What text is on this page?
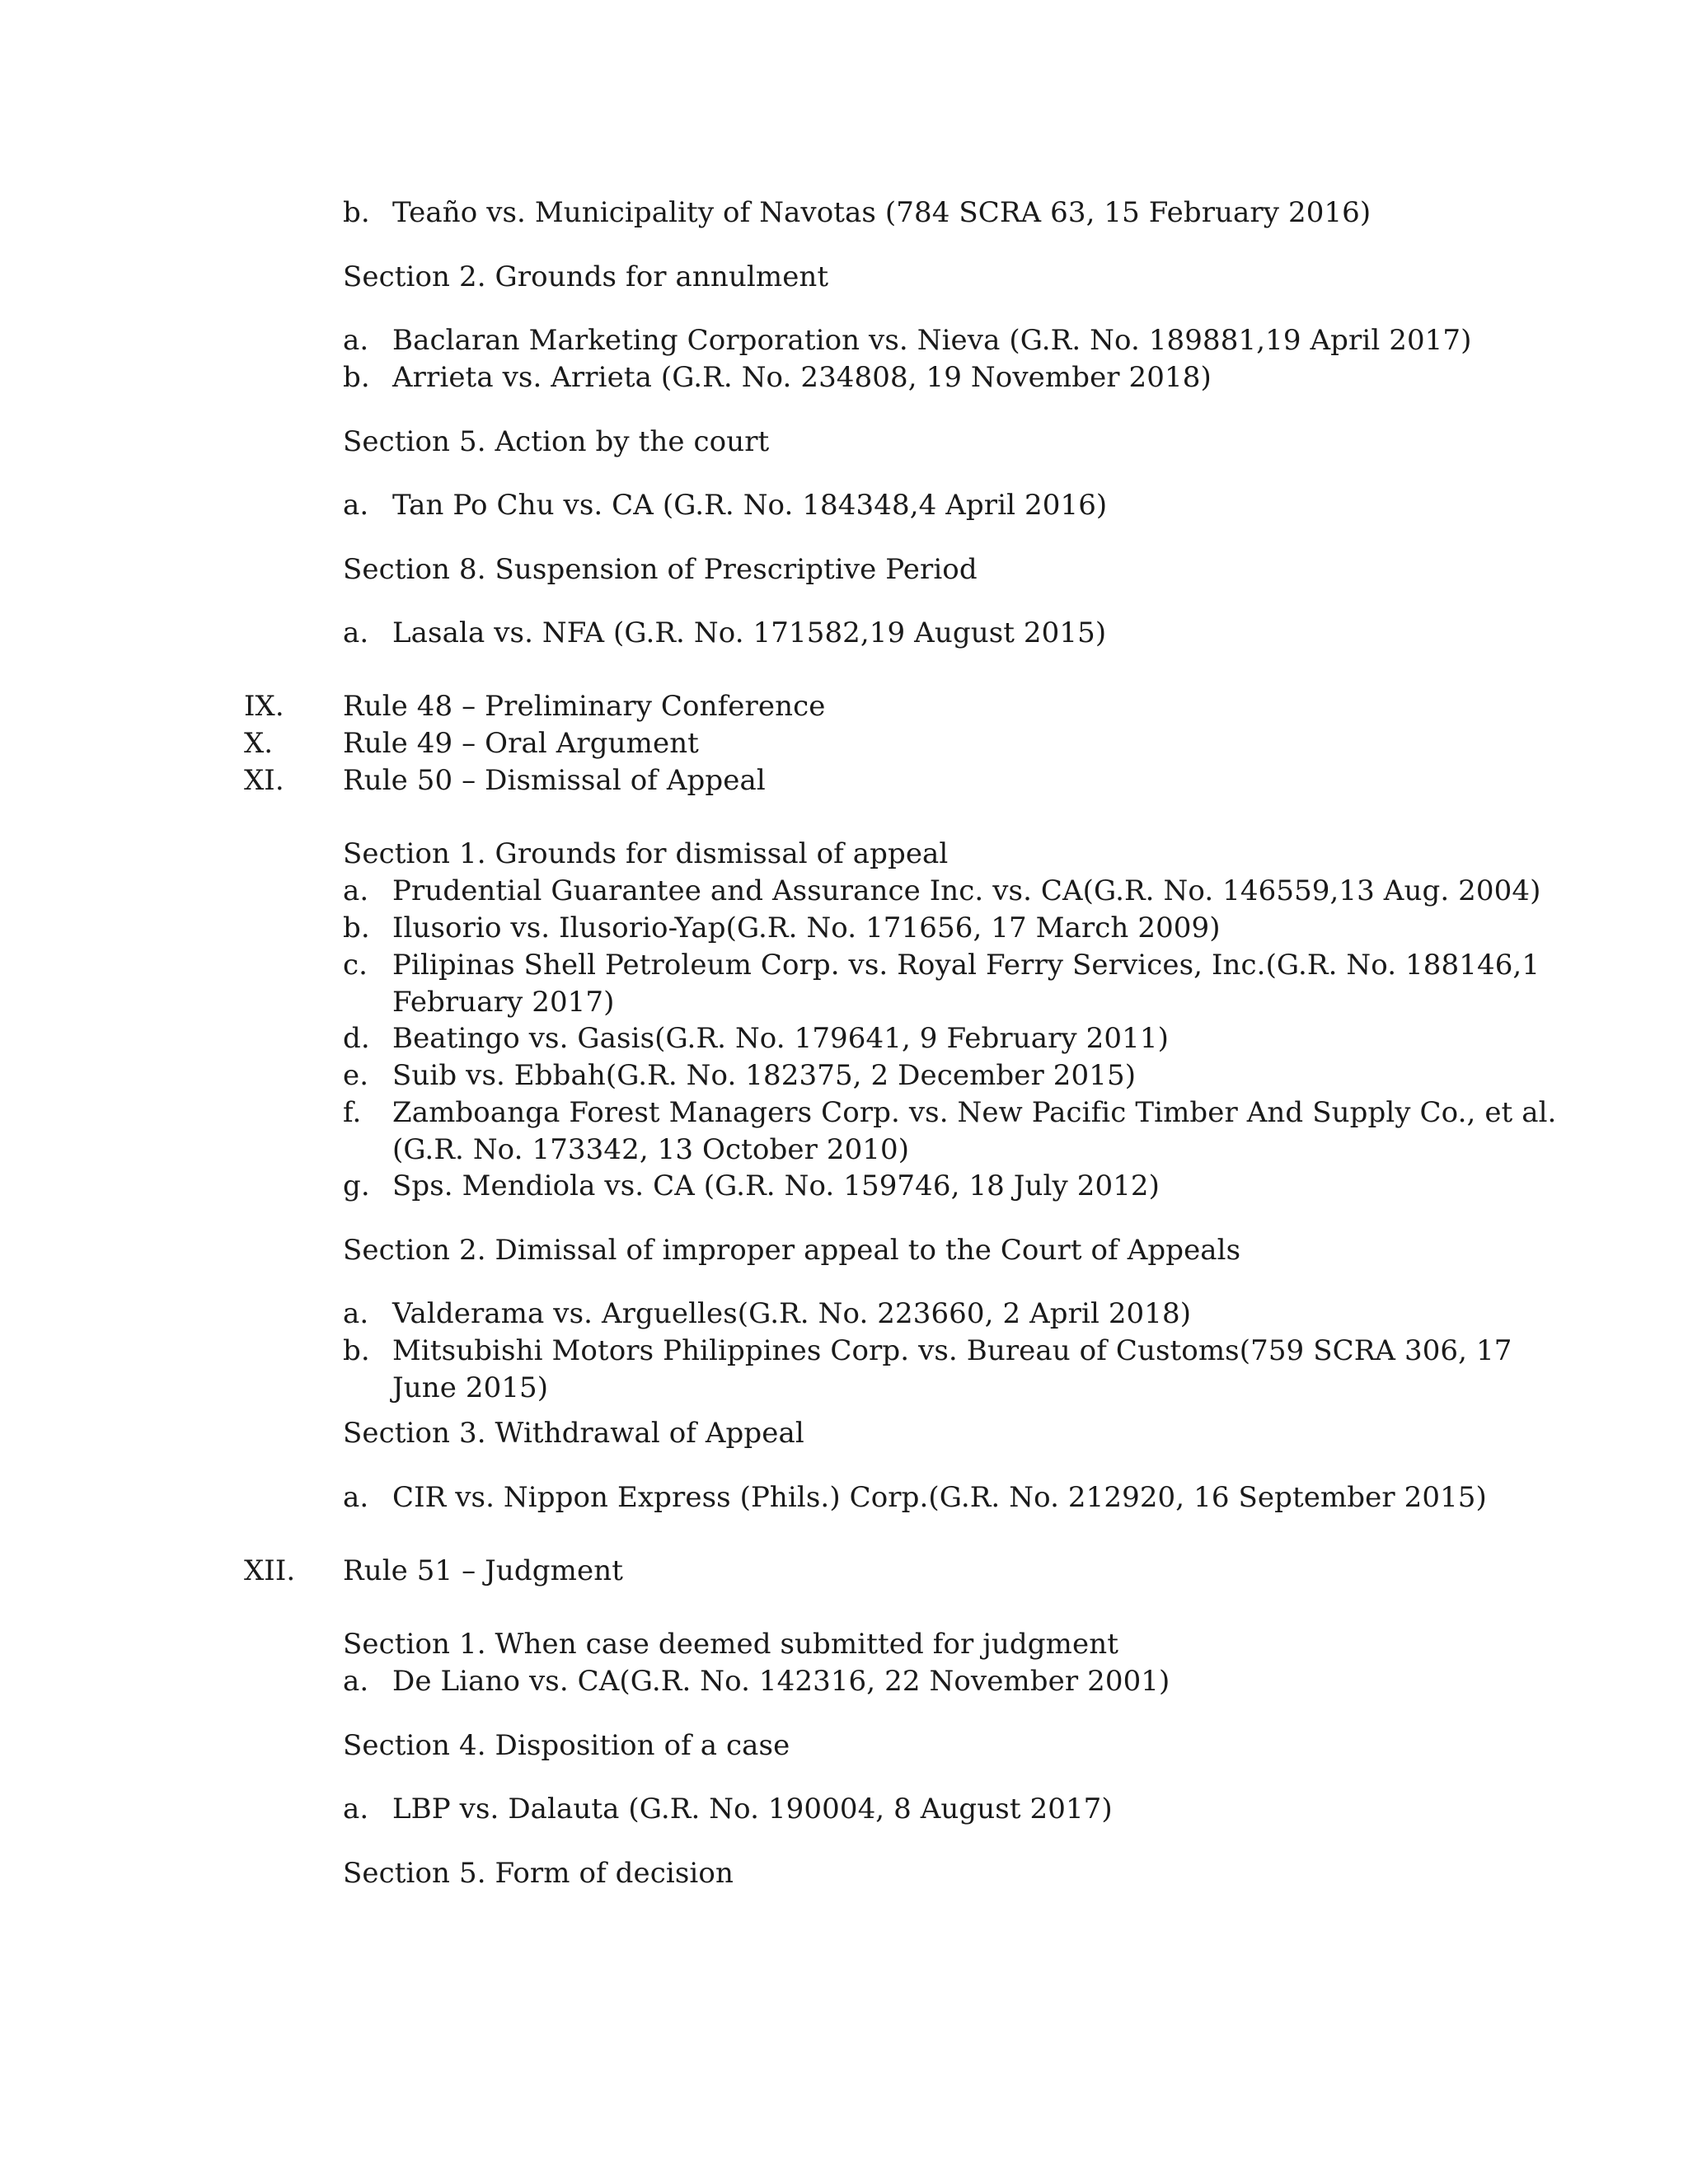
b. Teaño vs. Municipality of Navotas (784 SCRA 63, 15 February 2016)
Section 2. Grounds for annulment
a. Baclaran Marketing Corporation vs. Nieva (G.R. No. 189881,19 April 2017)
b. Arrieta vs. Arrieta (G.R. No. 234808, 19 November 2018)
Section 5. Action by the court
a. Tan Po Chu vs. CA (G.R. No. 184348,4 April 2016)
Section 8. Suspension of Prescriptive Period
a. Lasala vs. NFA (G.R. No. 171582,19 August 2015)
IX. Rule 48 – Preliminary Conference
X. Rule 49 – Oral Argument
XI. Rule 50 – Dismissal of Appeal
Section 1. Grounds for dismissal of appeal
a. Prudential Guarantee and Assurance Inc. vs. CA(G.R. No. 146559,13 Aug. 2004)
b. Ilusorio vs. Ilusorio-Yap(G.R. No. 171656, 17 March 2009)
c. Pilipinas Shell Petroleum Corp. vs. Royal Ferry Services, Inc.(G.R. No. 188146,1
February 2017)
d. Beatingo vs. Gasis(G.R. No. 179641, 9 February 2011)
e. Suib vs. Ebbah(G.R. No. 182375, 2 December 2015)
f. Zamboanga Forest Managers Corp. vs. New Pacific Timber And Supply Co., et al.
(G.R. No. 173342, 13 October 2010)
g. Sps. Mendiola vs. CA (G.R. No. 159746, 18 July 2012)
Section 2. Dimissal of improper appeal to the Court of Appeals
a. Valderama vs. Arguelles(G.R. No. 223660, 2 April 2018)
b. Mitsubishi Motors Philippines Corp. vs. Bureau of Customs(759 SCRA 306, 17
June 2015)
Section 3. Withdrawal of Appeal
a. CIR vs. Nippon Express (Phils.) Corp.(G.R. No. 212920, 16 September 2015)
XII. Rule 51 – Judgment
Section 1. When case deemed submitted for judgment
a. De Liano vs. CA(G.R. No. 142316, 22 November 2001)
Section 4. Disposition of a case
a. LBP vs. Dalauta (G.R. No. 190004, 8 August 2017)
Section 5. Form of decision
